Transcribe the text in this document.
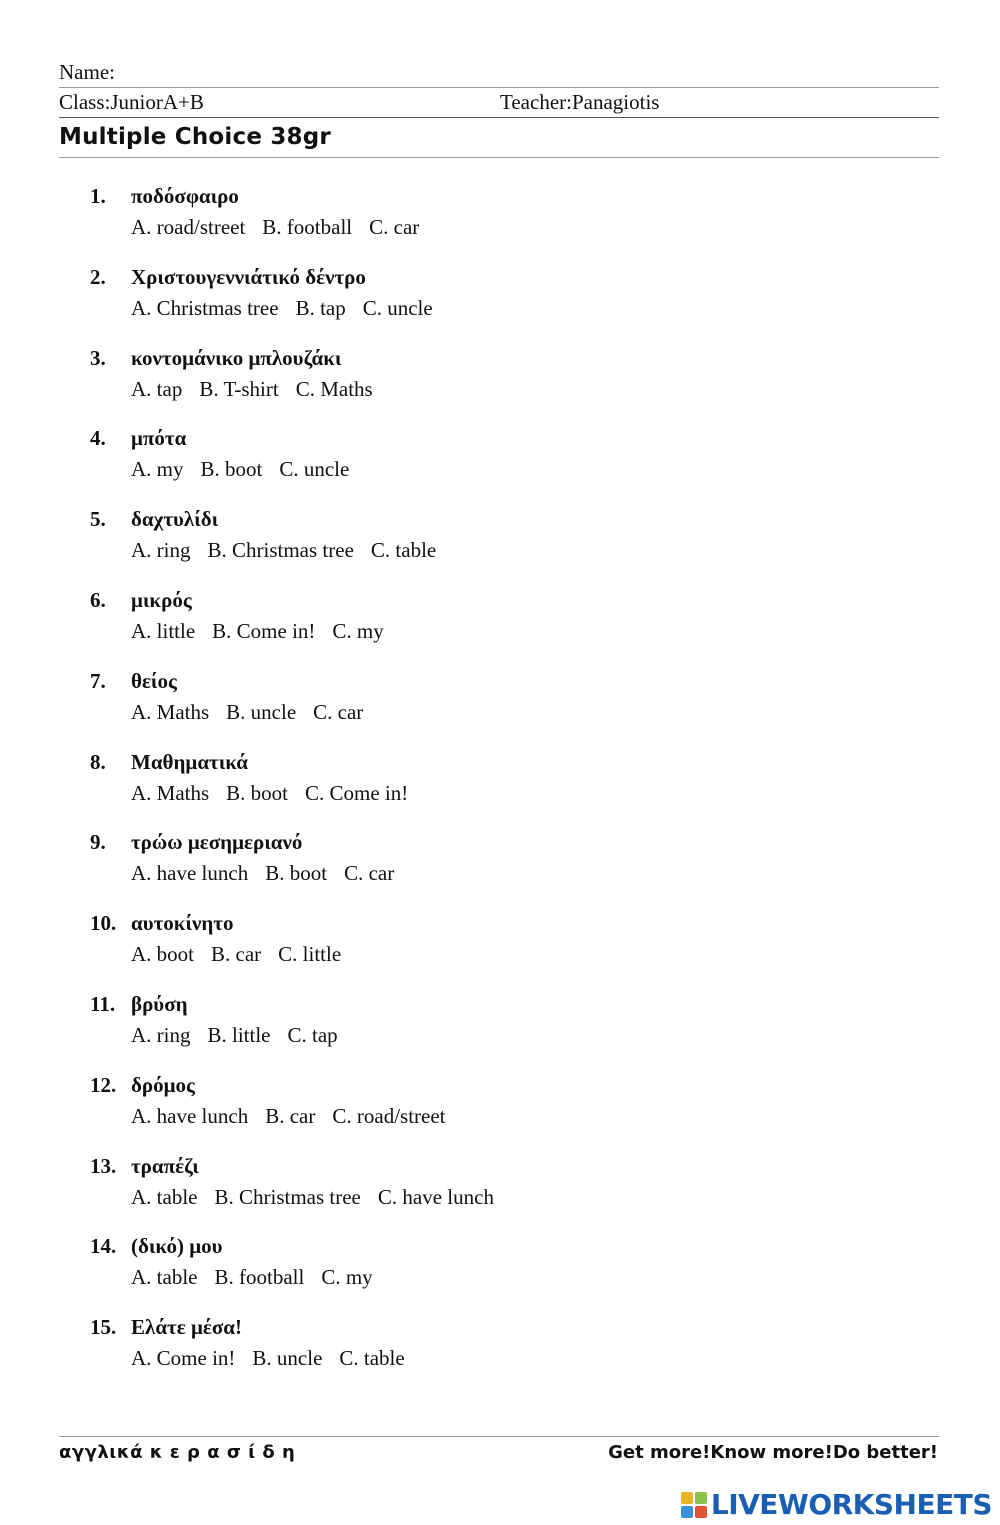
Name:
Class:JuniorA+B	Teacher:Panagiotis
Multiple Choice 38gr
1.	ποδόσφαιρο
A. road/street B. football C. car
2.	Χριστουγεννιάτικό δέντρο
A. Christmas tree B. tap C. uncle
3.	κοντομάνικο μπλουζάκι
A. tap B. T-shirt C. Maths
4.	μπότα
A. my B. boot C. uncle
5.	δαχτυλίδι
A. ring B. Christmas tree C. table
6.	μικρός
A. little B. Come in! C. my
7.	θείος
A. Maths B. uncle C. car
8.	Μαθηματικά
A. Maths B. boot C. Come in!
9.	τρώω μεσημεριανό
A. have lunch B. boot C. car
10. αυτοκίνητο
A. boot B. car C. little
11. βρύση
A. ring B. little C. tap
12. δρόμος
A. have lunch B. car C. road/street
13. τραπέζι
A. table B. Christmas tree C. have lunch
14. (δικό) μου
A. table B. football C. my
15. Ελάτε μέσα!
A. Come in! B. uncle C. table
αγγλικά κ ε ρ α σ ί δ η	Get more!Know more!Do better!
LIVEWORKSHEETS
